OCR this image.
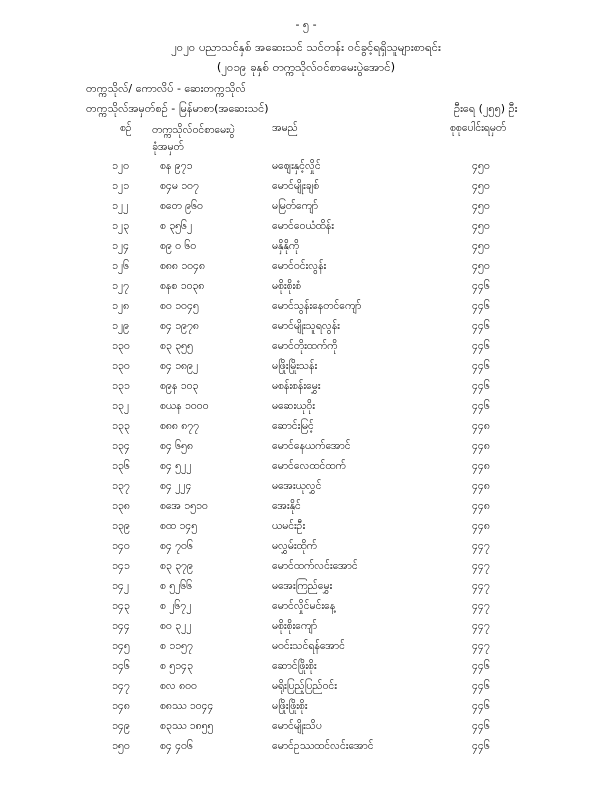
- ၅ -
၂၀၂၀ ပညာသင်နှစ် အဆေးသင် သင်တန်း ဝင်ခွင့်ရရှိသူများစာရင်း
(၂၀၁၉ ခုနှစ် တက္ကသိုလ်ဝင်စာမေးပွဲအောင်)
တက္ကသိုလ်/ ကောလိပ် - ဆေးတက္ကသိုလ်
တက္ကသိုလ်အမှတ်စဉ် - မြန်မာစာ(အဆေးသင်)	ဦးရေ (၂၅၅) ဦး
စဉ် တက္ကသိုလ်ဝင်စာမေးပွဲ
ခုံအမှတ်
အမည်	စုစုပေါင်းရမှတ်
၁၂၀	စန ၉၇၁	မဈေးနှင့်လှိုင်	၄၅၀
၁၂၁	စ၄မ ၁၀၇	မောင်မျိုးချစ်	၄၅၀
၁၂၂	စတေ ၉၆၀	မမြတ်ကျော်	၄၅၀
၁၂၃	စ ၃၅၆၂	မောင်ဝေယံထိန်း	၄၅၀
၁၂၄	စ၉ ၀ ၆၀	မနှိနိုကို	၄၅၀
၁၂၆	စ၈၈ ၁၀၄၈	မောင်ဝင်းလွန်း	၄၅၀
၁၂၇	စနစ ၁၀၃၈	မစိုးစိုးစံ	၄၄၆
၁၂၈	စဝ ၁၀၄၅	မောင်သွန်းနေတင်ကျော်	၄၄၆
၁၂၉	စ၄ ၁၉၇၈	မောင်မျိုးသူရလွန်း	၄၄၆
၁၃၀	စ၃ ၃၅၅	မောင်တိုးထက်ကို	၄၄၆
၁၃၀	စ၄ ၁၈၉၂	မဖြိုးမြိုးသန်း	၄၄၆
၁၃၁	စ၉န ၁၀၃	မစန်းစန်းမွှေး	၄၄၆
၁၃၂	စယန ၁၀၀၀	မဆေးယုဝိုး	၄၄၆
၁၃၃	စ၈၈ ၈၇၇	ဆောင်းမြင့်	၄၄၈
၁၃၄	စ၄ ၆၅၈	မောင်နေယက်အောင်	၄၄၈
၁၃၆	စ၄ ၅၂၂	မောင်လေထင်ထက်	၄၄၈
၁၃၇	စ၄ ၂၂၄	မအေးယုလွှင်	၄၄၈
၁၃၈	စအေ ၁၅၁၀	အေးနိုင်	၄၄၈
၁၃၉	စထ ၁၄၅	ယမင်းဦး	၄၄၈
၁၄၀	စ၄ ၇၀၆	မလွှမ်းထိုက်	၄၄၇
၁၄၁	စ၃ ၃၇၉	မောင်ထက်လင်းအောင်	၄၄၇
၁၄၂	စ ၅၂၆၆	မအေးကြည်မွှေး	၄၄၇
၁၄၃	စ ၂၆၇၂	မောင်လှိုင်မင်းနေ့	၄၄၇
၁၄၄	စ၀ ၃၂၂	မစိုးစိုးကျော်	၄၄၇
၁၄၅	စ ၁၁၅၇	မဝင်းသင်ရန်အောင်	၄၄၇
၁၄၆	စ ၅၁၄၃	ဆောင်ဖြိုးစိုး	၄၄၆
၁၄၇	စလ ၈၀၀	မရိုးပြည့်ပြည်ဝင်း	၄၄၆
၁၄၈	စ၈ဿ ၁၀၄၄	မဖြိုးဖြိုးစိုး	၄၄၆
၁၄၉	စ၃ဿ ၁၈၅၅	မောင်မျိုးသိပ	၄၄၆
၁၅၀	စ၄ ၄၀၆	မောင်ဥဿထင်လင်းအောင်	၄၄၆
